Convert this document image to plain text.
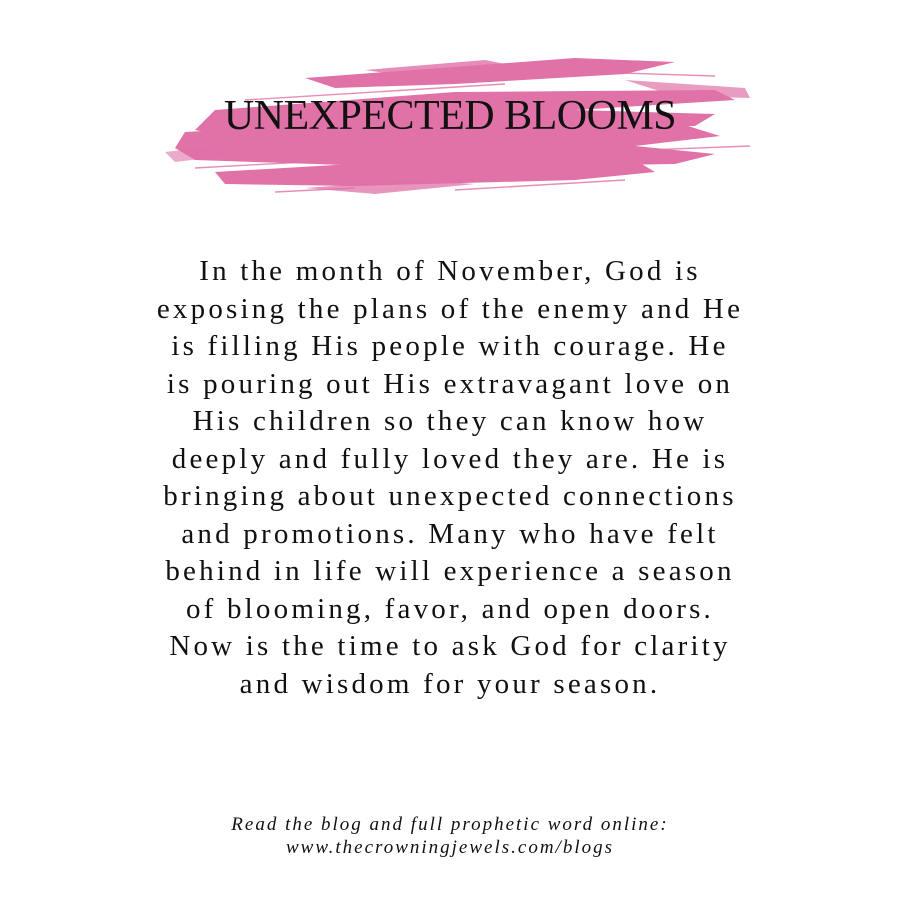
UNEXPECTED BLOOMS

In the month of November, God is
exposing the plans of the enemy and He
is filling His people with courage. He
is pouring out His extravagant love on
His children so they can know how
deeply and fully loved they are. He is
bringing about unexpected connections
and promotions. Many who have felt
behind in life will experience a season
of blooming, favor, and open doors.
Now is the time to ask God for clarity
and wisdom for your season.

Read the blog and full prophetic word online:
www.thecrowningjewels.com/blogs
